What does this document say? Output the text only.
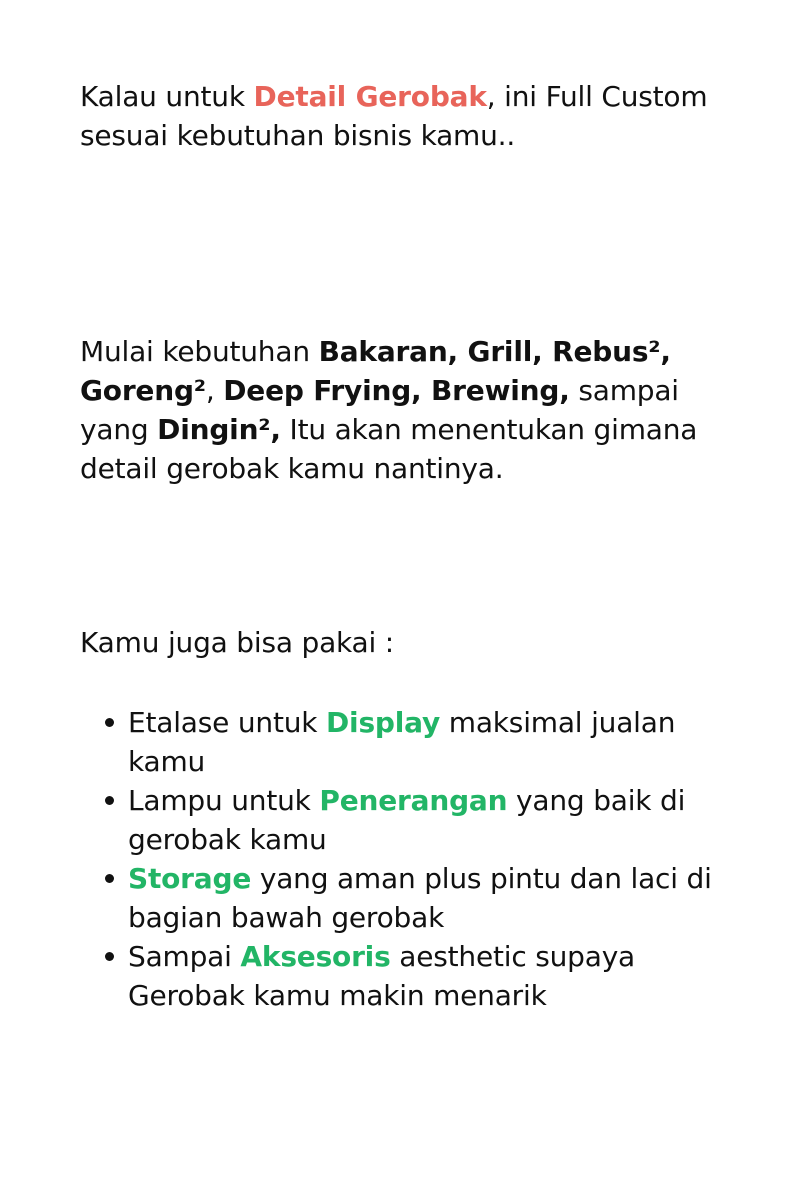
Kalau untuk Detail Gerobak, ini Full Custom sesuai kebutuhan bisnis kamu..

Mulai kebutuhan Bakaran, Grill, Rebus², Goreng², Deep Frying, Brewing, sampai yang Dingin², Itu akan menentukan gimana detail gerobak kamu nantinya.

Kamu juga bisa pakai :

Etalase untuk Display maksimal jualan kamu
Lampu untuk Penerangan yang baik di gerobak kamu
Storage yang aman plus pintu dan laci di bagian bawah gerobak
Sampai Aksesoris aesthetic supaya Gerobak kamu makin menarik
